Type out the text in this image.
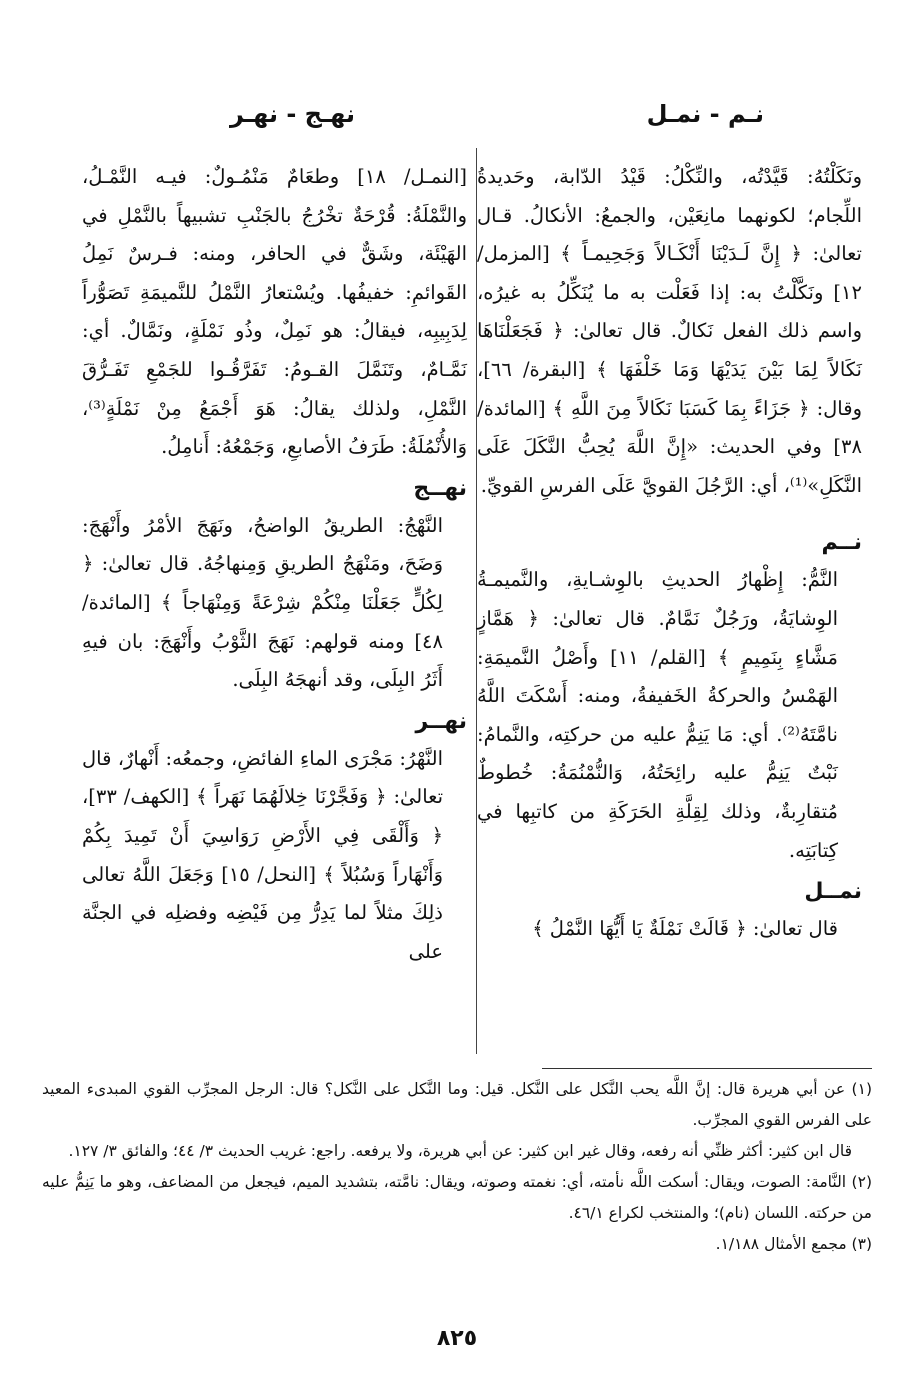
نـم - نمـل
نهـج - نهـر

ونَكَلْتُهُ: قَيَّدْتُه، والنِّكْلُ: قَيْدُ الدّابة، وحَديدةُ اللِّجام؛ لكونهما مانِعَيْن، والجمعُ: الأنكالُ. قـال تعالىٰ: ﴿ إِنَّ لَـدَيْنَا أَنْكَـالاً وَجَحِيمـاً ﴾ [المزمل/ ١٢] ونَكَّلْتُ به: إذا فَعَلْت به ما يُنَكِّلُ به غيرُه، واسم ذلك الفعل نَكالٌ. قال تعالىٰ: ﴿ فَجَعَلْنَاهَا نَكَالاً لِمَا بَيْنَ يَدَيْهَا وَمَا خَلْفَهَا ﴾ [البقرة/ ٦٦]، وقال: ﴿ جَزَاءً بِمَا كَسَبَا نَكَالاً مِنَ اللَّهِ ﴾ [المائدة/ ٣٨] وفي الحديث: «إِنَّ اللَّهَ يُحِبُّ النَّكَلَ عَلَى النَّكَلِ»⁽¹⁾، أي: الرَّجُلَ القويَّ عَلَى الفرسِ القويِّ.

نــم

النَّمُّ: إِظْهارُ الحديثِ بالوِشـايةِ، والنَّميمـةُ الوِشايَةُ، ورَجُلٌ نَمَّامٌ. قال تعالىٰ: ﴿ هَمَّازٍ مَشَّاءٍ بِنَمِيمٍ ﴾ [القلم/ ١١] وأَصْلُ النَّميمَةِ: الهَمْسُ والحركةُ الخَفيفةُ، ومنه: أَسْكَتَ اللَّهُ نامَّتَهُ⁽²⁾. أي: مَا يَنِمُّ عليه من حركتِه، والنَّمامُ: نَبْتٌ يَنِمُّ عليه رائِحَتُهُ، وَالنُّمْنُمَةُ: خُطوطٌ مُتقارِبةٌ، وذلك لِقِلَّةِ الحَرَكَةِ من كاتبِها في كِتابَتِه.

نمــل

قال تعالىٰ: ﴿ قَالَتْ نَمْلَةٌ يَا أَيُّهَا النَّمْلُ ﴾

[النمـل/ ١٨] وطعَامٌ مَنْمُـولٌ: فيـه النَّمْـلُ، والنَّمْلَةُ: قُرْحَةٌ تخْرُجُ بالجَنْبِ تشبيهاً بالنَّمْلِ في الهَيْئَة، وشَقٌّ في الحافر، ومنه: فـرسٌ نَمِلُ القَوائمِ: خفيفُها. ويُسْتعارُ النَّمْلُ للنَّميمَةِ تَصَوُّراً لِدَبِيبِه، فيقالُ: هو نَمِلٌ، وذُو نَمْلَةٍ، ونَمَّالٌ. أي: نَمَّـامٌ، وتَنَمَّلَ القـومُ: تَفَرَّقُـوا للجَمْعِ تَفَـرُّقَ النَّمْلِ، ولذلك يقالُ: هَوَ أَجْمَعُ مِنْ نَمْلَةٍ⁽³⁾، وَالأُنْمُلَةُ: طَرَفُ الأصابعِ، وَجَمْعُهُ: أَنامِلُ.

نهــج

النَّهْجُ: الطريقُ الواضحُ، ونَهَجَ الأمْرُ وأَنْهَجَ: وَضَحَ، ومَنْهَجُ الطريقِ وَمِنهاجُهُ. قال تعالىٰ: ﴿ لِكُلٍّ جَعَلْنَا مِنْكُمْ شِرْعَةً وَمِنْهَاجاً ﴾ [المائدة/ ٤٨] ومنه قولهم: نَهَجَ الثَّوْبُ وأَنْهَجَ: بان فيهِ أَثَرُ البِلَى، وقد أنهجَهُ البِلَى.

نهــر

النَّهْرُ: مَجْرَى الماءِ الفائضِ، وجمعُه: أَنْهارٌ، قال تعالىٰ: ﴿ وَفَجَّرْنَا خِلالَهُمَا نَهَراً ﴾ [الكهف/ ٣٣]، ﴿ وَأَلْقَى فِي الأَرْضِ رَوَاسِيَ أَنْ تَمِيدَ بِكُمْ وَأَنْهَاراً وَسُبُلاً ﴾ [النحل/ ١٥] وَجَعَلَ اللَّهُ تعالى ذلِكَ مثلاً لما يَدِرُّ مِن فَيْضِه وفضلِه في الجنَّة على

(١) عن أبي هريرة قال: إنَّ اللَّه يحب النَّكل على النَّكل. قيل: وما النَّكل على النَّكل؟ قال: الرجل المجرِّب القوي المبدىء المعيد على الفرس القوي المجرِّب.

قال ابن كثير: أكثر ظنِّي أنه رفعه، وقال غير ابن كثير: عن أبي هريرة، ولا يرفعه. راجع: غريب الحديث ٣/ ٤٤؛ والفائق ٣/ ١٢٧.

(٢) النَّامة: الصوت، ويقال: أسكت اللَّه نأمته، أي: نغمته وصوته، ويقال: نامَّته، بتشديد الميم، فيجعل من المضاعف، وهو ما يَنِمُّ عليه من حركته. اللسان (نام)؛ والمنتخب لكراع ٤٦/١.

(٣) مجمع الأمثال ١/١٨٨.

٨٢٥
